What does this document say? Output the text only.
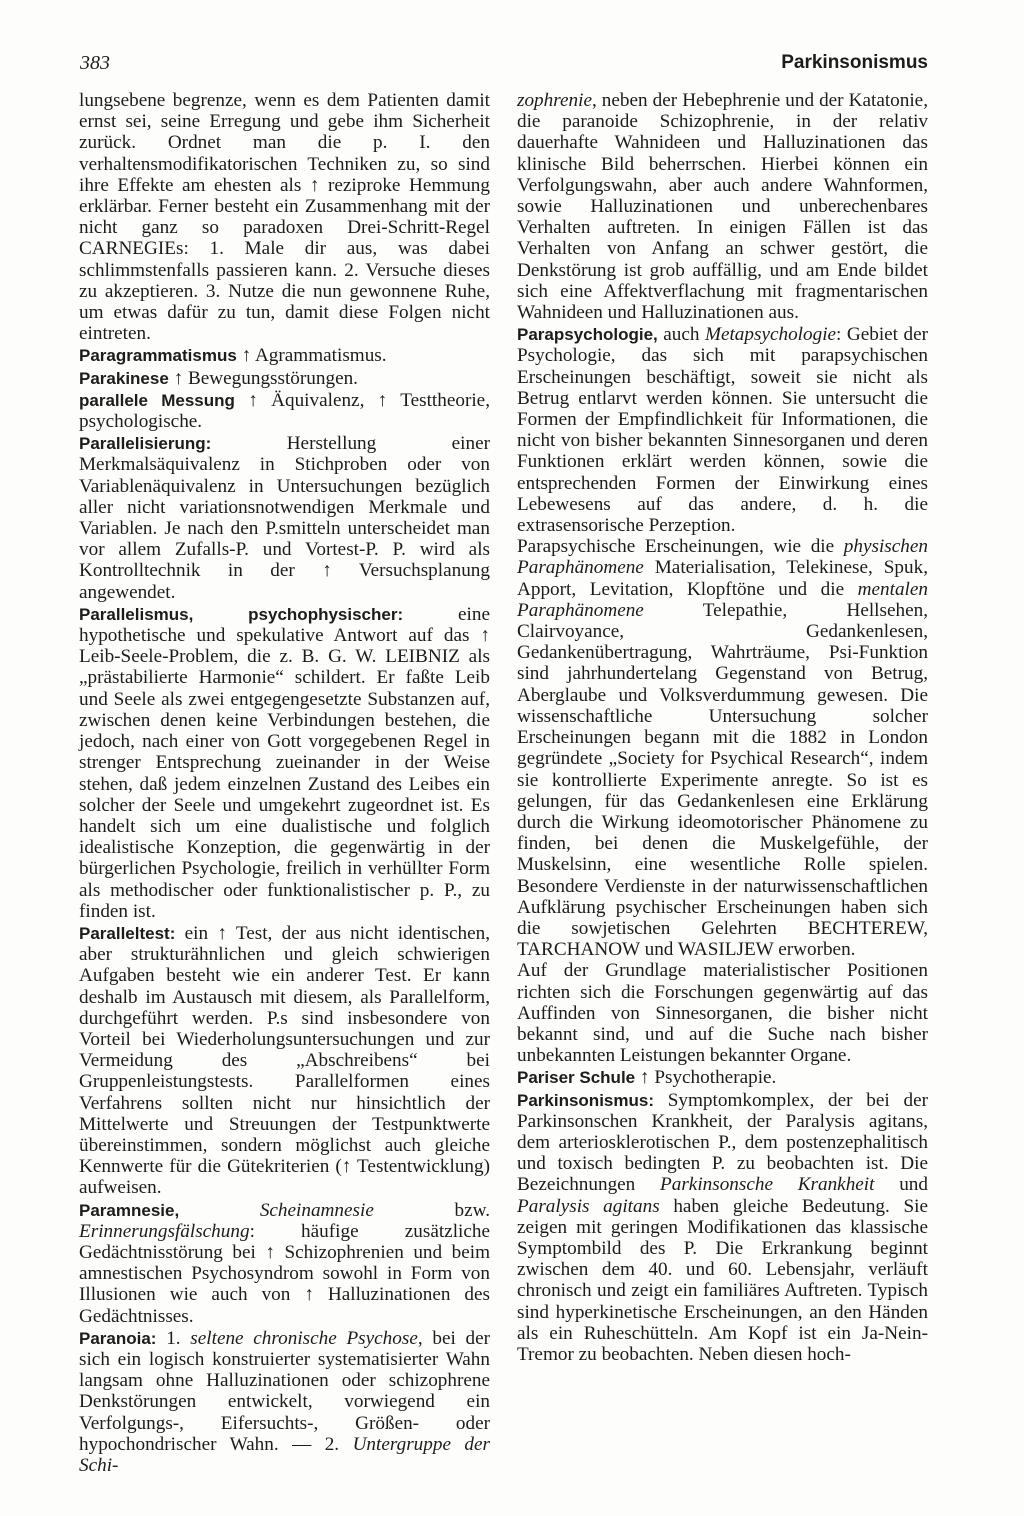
383	Parkinsonismus

lungsebene begrenze, wenn es dem Patienten damit ernst sei, seine Erregung und gebe ihm Sicherheit zurück. Ordnet man die p. I. den verhaltensmodifikatorischen Techniken zu, so sind ihre Effekte am ehesten als ↑ reziproke Hemmung erklärbar. Ferner besteht ein Zusammenhang mit der nicht ganz so paradoxen Drei-Schritt-Regel CARNEGIEs: 1. Male dir aus, was dabei schlimmstenfalls passieren kann. 2. Versuche dieses zu akzeptieren. 3. Nutze die nun gewonnene Ruhe, um etwas dafür zu tun, damit diese Folgen nicht eintreten.

Paragrammatismus ↑ Agrammatismus.

Parakinese ↑ Bewegungsstörungen.

parallele Messung ↑ Äquivalenz, ↑ Testtheorie, psychologische.

Parallelisierung: Herstellung einer Merkmalsäquivalenz in Stichproben oder von Variablenäquivalenz in Untersuchungen bezüglich aller nicht variationsnotwendigen Merkmale und Variablen. Je nach den P.smitteln unterscheidet man vor allem Zufalls-P. und Vortest-P. P. wird als Kontrolltechnik in der ↑ Versuchsplanung angewendet.

Parallelismus, psychophysischer: eine hypothetische und spekulative Antwort auf das ↑ Leib-Seele-Problem, die z. B. G. W. LEIBNIZ als „prästabilierte Harmonie“ schildert. Er faßte Leib und Seele als zwei entgegengesetzte Substanzen auf, zwischen denen keine Verbindungen bestehen, die jedoch, nach einer von Gott vorgegebenen Regel in strenger Entsprechung zueinander in der Weise stehen, daß jedem einzelnen Zustand des Leibes ein solcher der Seele und umgekehrt zugeordnet ist. Es handelt sich um eine dualistische und folglich idealistische Konzeption, die gegenwärtig in der bürgerlichen Psychologie, freilich in verhüllter Form als methodischer oder funktionalistischer p. P., zu finden ist.

Paralleltest: ein ↑ Test, der aus nicht identischen, aber strukturähnlichen und gleich schwierigen Aufgaben besteht wie ein anderer Test. Er kann deshalb im Austausch mit diesem, als Parallelform, durchgeführt werden. P.s sind insbesondere von Vorteil bei Wiederholungsuntersuchungen und zur Vermeidung des „Abschreibens“ bei Gruppenleistungstests. Parallelformen eines Verfahrens sollten nicht nur hinsichtlich der Mittelwerte und Streuungen der Testpunktwerte übereinstimmen, sondern möglichst auch gleiche Kennwerte für die Gütekriterien (↑ Testentwicklung) aufweisen.

Paramnesie,	Scheinamnesie bzw. Erinnerungsfälschung: häufige zusätzliche Gedächtnisstörung bei ↑ Schizophrenien und beim amnestischen Psychosyndrom sowohl in Form von Illusionen wie auch von ↑ Halluzinationen des Gedächtnisses.

Paranoia: 1. seltene chronische Psychose, bei der sich ein logisch konstruierter systematisierter Wahn langsam ohne Halluzinationen oder schizophrene Denkstörungen entwickelt, vorwiegend ein Verfolgungs-, Eifersuchts-, Größen- oder hypochondrischer Wahn. — 2. Untergruppe der Schi-

zophrenie, neben der Hebephrenie und der Katatonie, die paranoide Schizophrenie, in der relativ dauerhafte Wahnideen und Halluzinationen das klinische Bild beherrschen. Hierbei können ein Verfolgungswahn, aber auch andere Wahnformen, sowie Halluzinationen und unberechenbares Verhalten auftreten. In einigen Fällen ist das Verhalten von Anfang an schwer gestört, die Denkstörung ist grob auffällig, und am Ende bildet sich eine Affektverflachung mit fragmentarischen Wahnideen und Halluzinationen aus.

Parapsychologie, auch Metapsychologie: Gebiet der Psychologie, das sich mit parapsychischen Erscheinungen beschäftigt, soweit sie nicht als Betrug entlarvt werden können. Sie untersucht die Formen der Empfindlichkeit für Informationen, die nicht von bisher bekannten Sinnesorganen und deren Funktionen erklärt werden können, sowie die entsprechenden Formen der Einwirkung eines Lebewesens auf das andere, d. h. die extrasensorische Perzeption.

Parapsychische Erscheinungen, wie die physischen Paraphänomene Materialisation, Telekinese, Spuk, Apport, Levitation, Klopftöne und die mentalen Paraphänomene Telepathie, Hellsehen, Clairvoyance, Gedankenlesen, Gedankenübertragung, Wahrträume, Psi-Funktion sind jahrhundertelang Gegenstand von Betrug, Aberglaube und Volksverdummung gewesen. Die wissenschaftliche Untersuchung solcher Erscheinungen begann mit die 1882 in London gegründete „Society for Psychical Research“, indem sie kontrollierte Experimente anregte. So ist es gelungen, für das Gedankenlesen eine Erklärung durch die Wirkung ideomotorischer Phänomene zu finden, bei denen die Muskelgefühle, der Muskelsinn, eine wesentliche Rolle spielen. Besondere Verdienste in der naturwissenschaftlichen Aufklärung psychischer Erscheinungen haben sich die sowjetischen Gelehrten BECHTEREW, TARCHANOW und WASILJEW erworben.

Auf der Grundlage materialistischer Positionen richten sich die Forschungen gegenwärtig auf das Auffinden von Sinnesorganen, die bisher nicht bekannt sind, und auf die Suche nach bisher unbekannten Leistungen bekannter Organe.

Pariser Schule ↑ Psychotherapie.

Parkinsonismus: Symptomkomplex, der bei der Parkinsonschen Krankheit, der Paralysis agitans, dem arteriosklerotischen P., dem postenzephalitisch und toxisch bedingten P. zu beobachten ist. Die Bezeichnungen Parkinsonsche Krankheit und Paralysis agitans haben gleiche Bedeutung. Sie zeigen mit geringen Modifikationen das klassische Symptombild des P. Die Erkrankung beginnt zwischen dem 40. und 60. Lebensjahr, verläuft chronisch und zeigt ein familiäres Auftreten. Typisch sind hyperkinetische Erscheinungen, an den Händen als ein Ruheschütteln. Am Kopf ist ein Ja-Nein-Tremor zu beobachten. Neben diesen hoch-
